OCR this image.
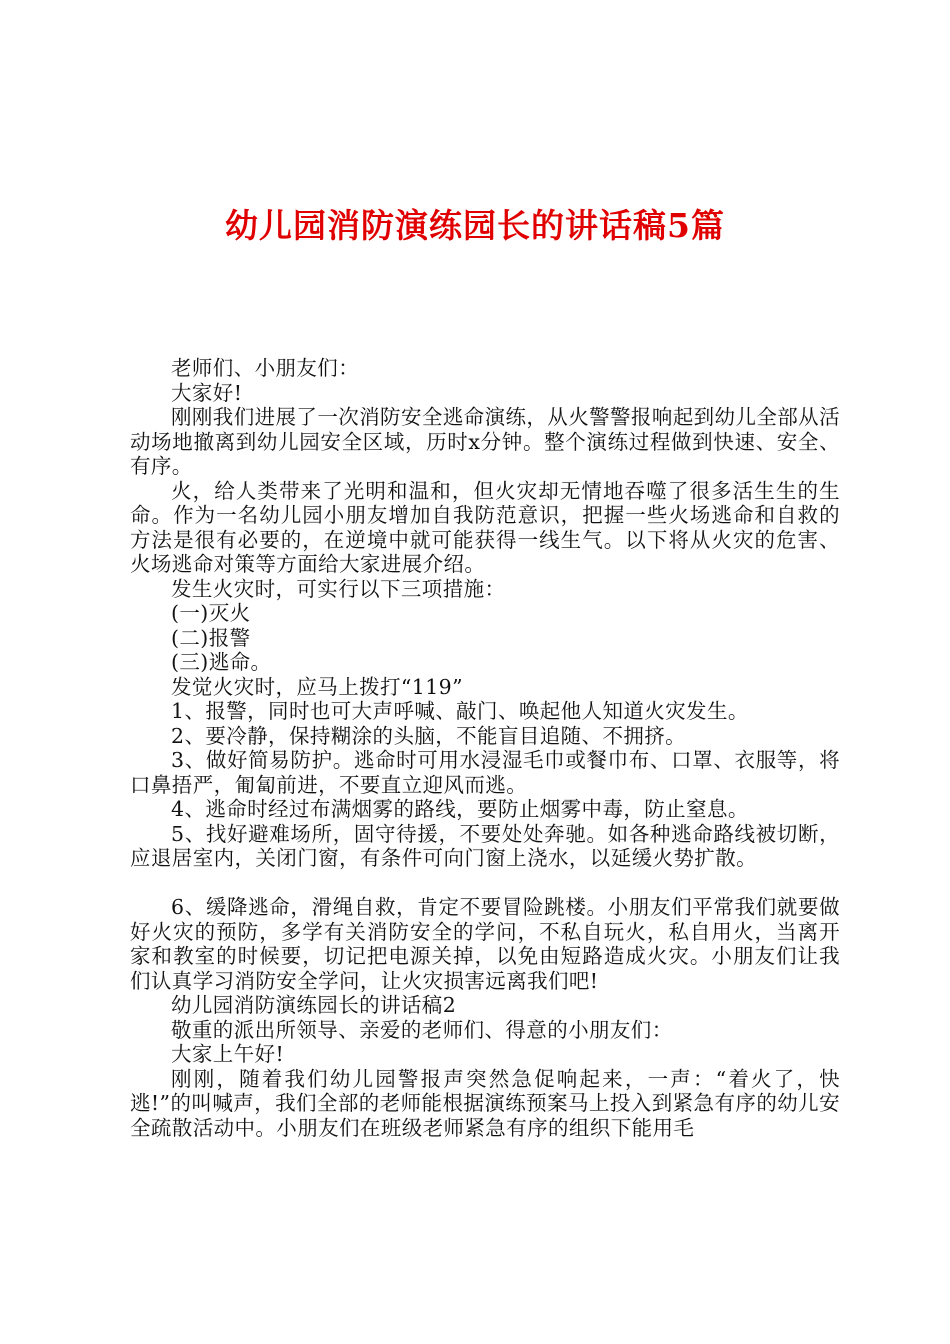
幼儿园消防演练园长的讲话稿5篇

老师们、小朋友们：

大家好!

刚刚我们进展了一次消防安全逃命演练，从火警警报响起到幼儿全部从活动场地撤离到幼儿园安全区域，历时x分钟。整个演练过程做到快速、安全、有序。

火，给人类带来了光明和温和，但火灾却无情地吞噬了很多活生生的生命。作为一名幼儿园小朋友增加自我防范意识，把握一些火场逃命和自救的方法是很有必要的，在逆境中就可能获得一线生气。以下将从火灾的危害、火场逃命对策等方面给大家进展介绍。

发生火灾时，可实行以下三项措施：

(一)灭火

(二)报警

(三)逃命。

发觉火灾时，应马上拨打“119”

1、报警，同时也可大声呼喊、敲门、唤起他人知道火灾发生。

2、要冷静，保持糊涂的头脑，不能盲目追随、不拥挤。

3、做好简易防护。逃命时可用水浸湿毛巾或餐巾布、口罩、衣服等，将口鼻捂严，匍匐前进，不要直立迎风而逃。

4、逃命时经过布满烟雾的路线，要防止烟雾中毒，防止窒息。

5、找好避难场所，固守待援，不要处处奔驰。如各种逃命路线被切断，应退居室内，关闭门窗，有条件可向门窗上浇水，以延缓火势扩散。

6、缓降逃命，滑绳自救，肯定不要冒险跳楼。小朋友们平常我们就要做好火灾的预防，多学有关消防安全的学问，不私自玩火，私自用火，当离开家和教室的时候要，切记把电源关掉，以免由短路造成火灾。小朋友们让我们认真学习消防安全学问，让火灾损害远离我们吧!

幼儿园消防演练园长的讲话稿2

敬重的派出所领导、亲爱的老师们、得意的小朋友们：

大家上午好!

刚刚，随着我们幼儿园警报声突然急促响起来，一声：“着火了，快逃!”的叫喊声，我们全部的老师能根据演练预案马上投入到紧急有序的幼儿安全疏散活动中。小朋友们在班级老师紧急有序的组织下能用毛
